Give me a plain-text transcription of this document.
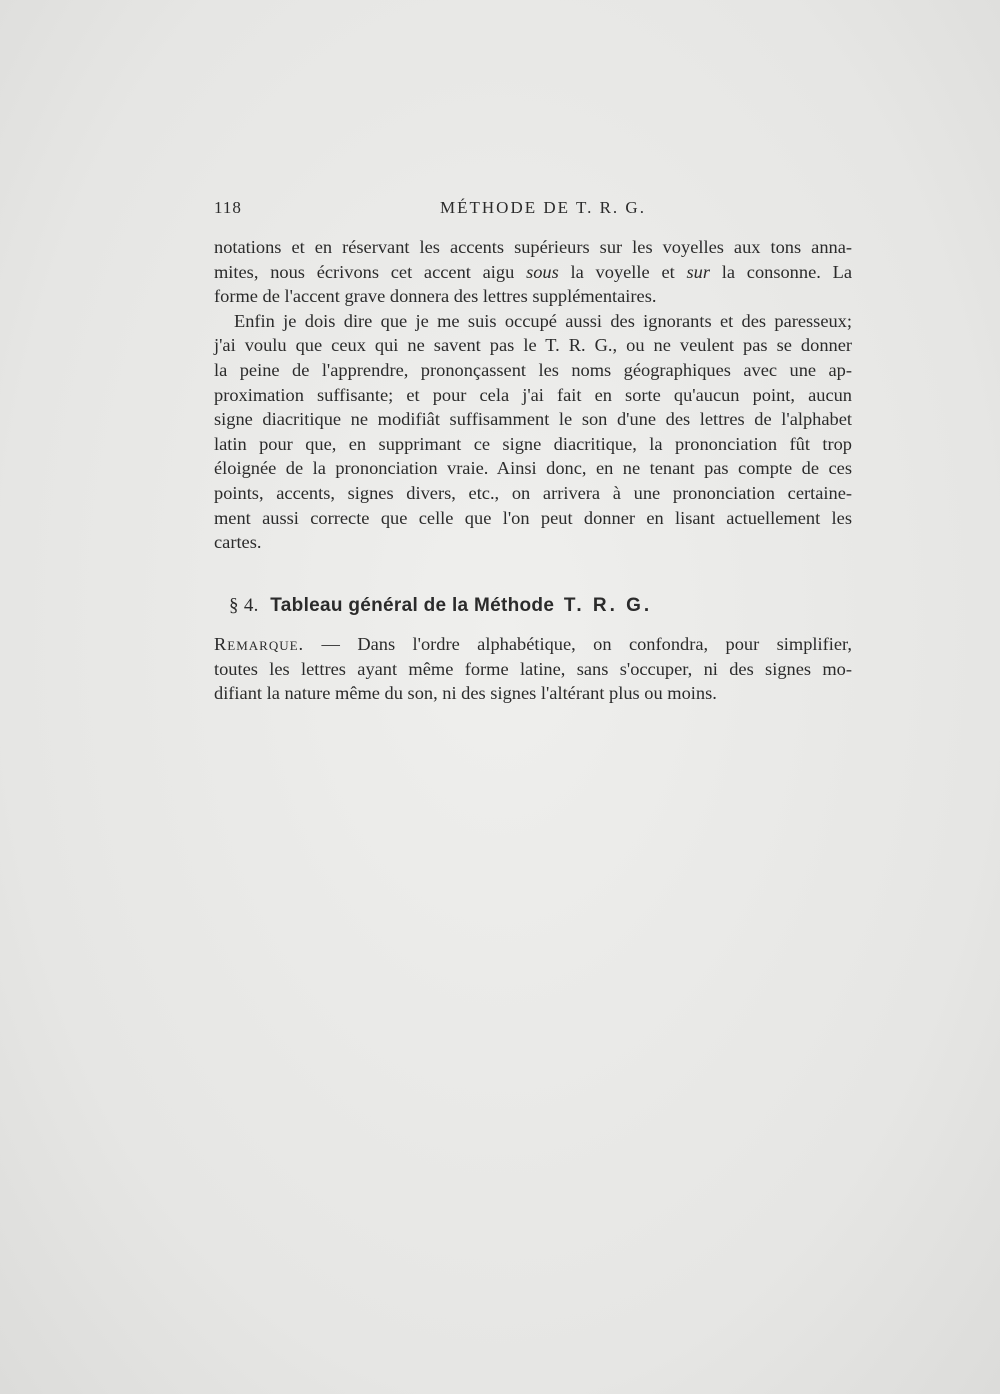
118	MÉTHODE DE T. R. G.
notations et en réservant les accents supérieurs sur les voyelles aux tons anna-
mites, nous écrivons cet accent aigu sous la voyelle et sur la consonne. La
forme de l'accent grave donnera des lettres supplémentaires.
Enfin je dois dire que je me suis occupé aussi des ignorants et des paresseux;
j'ai voulu que ceux qui ne savent pas le T. R. G., ou ne veulent pas se donner
la peine de l'apprendre, prononçassent les noms géographiques avec une ap-
proximation suffisante; et pour cela j'ai fait en sorte qu'aucun point, aucun
signe diacritique ne modifiât suffisamment le son d'une des lettres de l'alphabet
latin pour que, en supprimant ce signe diacritique, la prononciation fût trop
éloignée de la prononciation vraie. Ainsi donc, en ne tenant pas compte de ces
points, accents, signes divers, etc., on arrivera à une prononciation certaine-
ment aussi correcte que celle que l'on peut donner en lisant actuellement les
cartes.
§ 4. Tableau général de la Méthode T. R. G.
Remarque. — Dans l'ordre alphabétique, on confondra, pour simplifier,
toutes les lettres ayant même forme latine, sans s'occuper, ni des signes mo-
difiant la nature même du son, ni des signes l'altérant plus ou moins.
